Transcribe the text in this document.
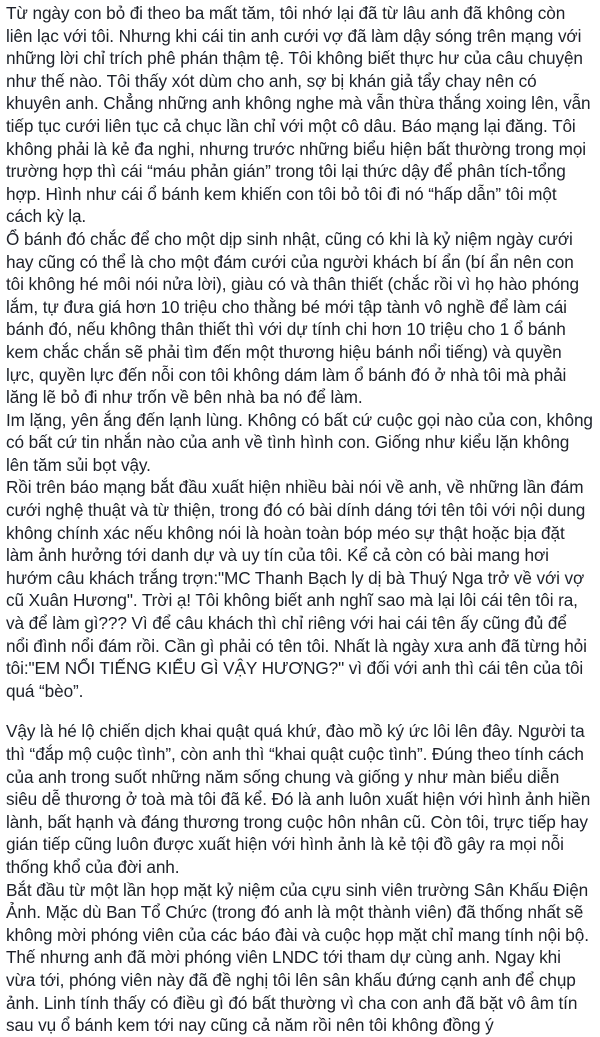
Từ ngày con bỏ đi theo ba mất tăm, tôi nhớ lại đã từ lâu anh đã không còn liên lạc với tôi. Nhưng khi cái tin anh cưới vợ đã làm dậy sóng trên mạng với những lời chỉ trích phê phán thậm tệ. Tôi không biết thực hư của câu chuyện như thế nào. Tôi thấy xót dùm cho anh, sợ bị khán giả tẩy chay nên có khuyên anh. Chẳng những anh không nghe mà vẫn thừa thắng xoing lên, vẫn tiếp tục cưới liên tục cả chục lần chỉ với một cô dâu. Báo mạng lại đăng. Tôi không phải là kẻ đa nghi, nhưng trước những biểu hiện bất thường trong mọi trường hợp thì cái “máu phản gián” trong tôi lại thức dậy để phân tích-tổng hợp. Hình như cái ổ bánh kem khiến con tôi bỏ tôi đi nó “hấp dẫn” tôi một cách kỳ lạ.

Ổ bánh đó chắc để cho một dịp sinh nhật, cũng có khi là kỷ niệm ngày cưới hay cũng có thể là cho một đám cưới của người khách bí ẩn (bí ẩn nên con tôi không hé môi nói nửa lời), giàu có và thân thiết (chắc rồi vì họ hào phóng lắm, tự đưa giá hơn 10 triệu cho thằng bé mới tập tành vô nghề để làm cái bánh đó, nếu không thân thiết thì với dự tính chi hơn 10 triệu cho 1 ổ bánh kem chắc chắn sẽ phải tìm đến một thương hiệu bánh nổi tiếng) và quyền lực, quyền lực đến nỗi con tôi không dám làm ổ bánh đó ở nhà tôi mà phải lăng lẽ bỏ đi như trốn về bên nhà ba nó để làm.

Im lặng, yên ắng đến lạnh lùng. Không có bất cứ cuộc gọi nào của con, không có bất cứ tin nhắn nào của anh về tình hình con. Giống như kiểu lặn không lên tăm sủi bọt vậy.

Rồi trên báo mạng bắt đầu xuất hiện nhiều bài nói về anh, về những lần đám cưới nghệ thuật và từ thiện, trong đó có bài dính dáng tới tên tôi với nội dung không chính xác nếu không nói là hoàn toàn bóp méo sự thật hoặc bịa đặt làm ảnh hưởng tới danh dự và uy tín của tôi. Kể cả còn có bài mang hơi hướm câu khách trắng trợn:"MC Thanh Bạch ly dị bà Thuý Nga trở về với vợ cũ Xuân Hương". Trời ạ! Tôi không biết anh nghĩ sao mà lại lôi cái tên tôi ra, và để làm gì??? Vì để câu khách thì chỉ riêng với hai cái tên ấy cũng đủ để nổi đình nổi đám rồi. Cần gì phải có tên tôi. Nhất là ngày xưa anh đã từng hỏi tôi:"EM NỔI TIẾNG KIỂU GÌ VẬY HƯƠNG?" vì đối với anh thì cái tên của tôi quá “bèo”.

Vậy là hé lộ chiến dịch khai quật quá khứ, đào mồ ký ức lôi lên đây. Người ta thì “đắp mộ cuộc tình”, còn anh thì “khai quật cuộc tình”. Đúng theo tính cách của anh trong suốt những năm sống chung và giống y như màn biểu diễn siêu dễ thương ở toà mà tôi đã kể. Đó là anh luôn xuất hiện với hình ảnh hiền lành, bất hạnh và đáng thương trong cuộc hôn nhân cũ. Còn tôi, trực tiếp hay gián tiếp cũng luôn được xuất hiện với hình ảnh là kẻ tội đồ gây ra mọi nỗi thống khổ của đời anh.

Bắt đầu từ một lần họp mặt kỷ niệm của cựu sinh viên trường Sân Khấu Điện Ảnh. Mặc dù Ban Tổ Chức (trong đó anh là một thành viên) đã thống nhất sẽ không mời phóng viên của các báo đài và cuộc họp mặt chỉ mang tính nội bộ. Thế nhưng anh đã mời phóng viên LNDC tới tham dự cùng anh. Ngay khi vừa tới, phóng viên này đã đề nghị tôi lên sân khấu đứng cạnh anh để chụp ảnh. Linh tính thấy có điều gì đó bất thường vì cha con anh đã bặt vô âm tín sau vụ ổ bánh kem tới nay cũng cả năm rồi nên tôi không đồng ý
